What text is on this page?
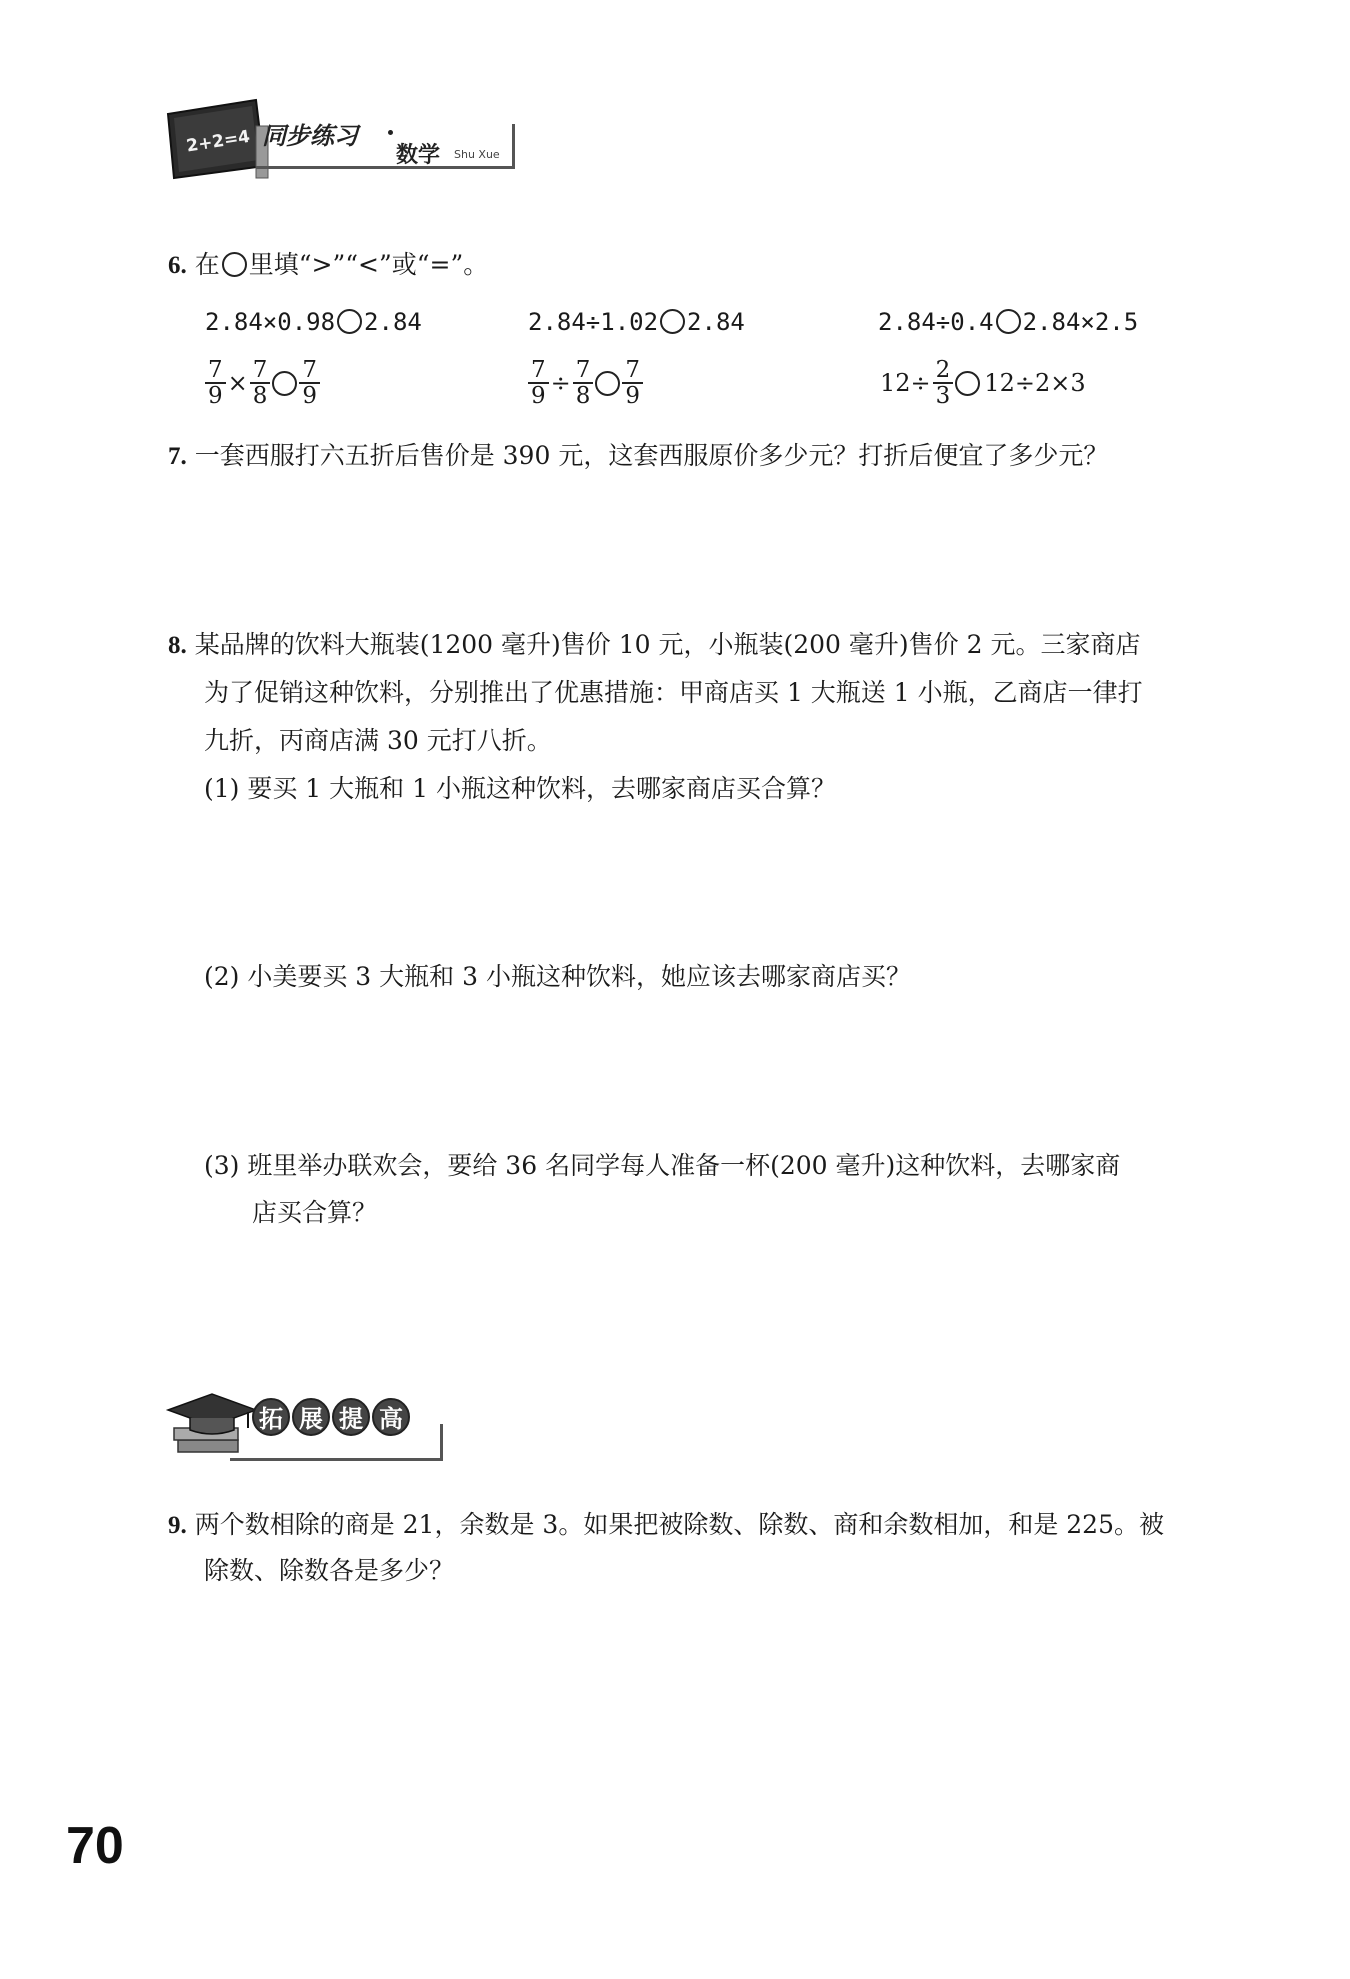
2+2=4 同步练习
数学 Shu Xue
6. 在 里填“>”“<”或“=”。
2.84×0.98 2.84	2.84÷1.02 2.84	2.84÷0.4 2.84×2.5
$\frac{7}{9} \times \frac{7}{8} \frac{7}{9}$	$\frac{7}{9} \div \frac{7}{8} \frac{7}{9}$	$12\div \frac{2}{3} 12\div 2\times 3$
7. 一套西服打六五折后售价是 390 元，这套西服原价多少元？打折后便宜了多少元？
8. 某品牌的饮料大瓶装(1200 毫升)售价 10 元，小瓶装(200 毫升)售价 2 元。三家商店
为了促销这种饮料，分别推出了优惠措施：甲商店买 1 大瓶送 1 小瓶，乙商店一律打
九折，丙商店满 30 元打八折。
(1) 要买 1 大瓶和 1 小瓶这种饮料，去哪家商店买合算？
(2) 小美要买 3 大瓶和 3 小瓶这种饮料，她应该去哪家商店买？
(3) 班里举办联欢会，要给 36 名同学每人准备一杯(200 毫升)这种饮料，去哪家商
店买合算？
拓 展 提 高
9. 两个数相除的商是 21，余数是 3。如果把被除数、除数、商和余数相加，和是 225。被
除数、除数各是多少？
70
